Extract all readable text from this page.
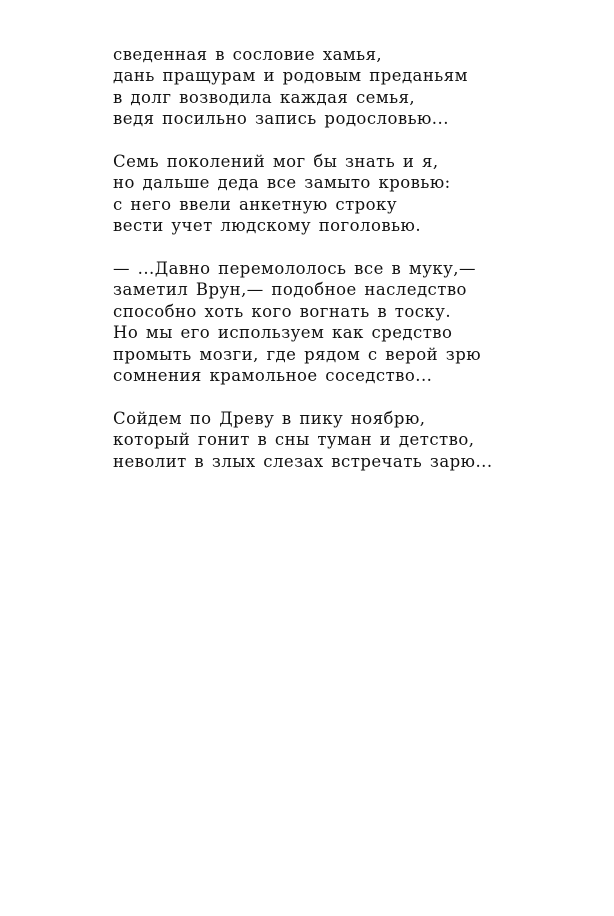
сведенная в сословие хамья,
дань пращурам и родовым преданьям
в долг возводила каждая семья,
ведя посильно запись родословью...
Семь поколений мог бы знать и я,
но дальше деда все замыто кровью:
с него ввели анкетную строку
вести учет людскому поголовью.
— ...Давно перемололось все в муку,—
заметил Врун,— подобное наследство
способно хоть кого вогнать в тоску.
Но мы его используем как средство
промыть мозги, где рядом с верой зрю
сомнения крамольное соседство...
Сойдем по Древу в пику ноябрю,
который гонит в сны туман и детство,
неволит в злых слезах встречать зарю...
